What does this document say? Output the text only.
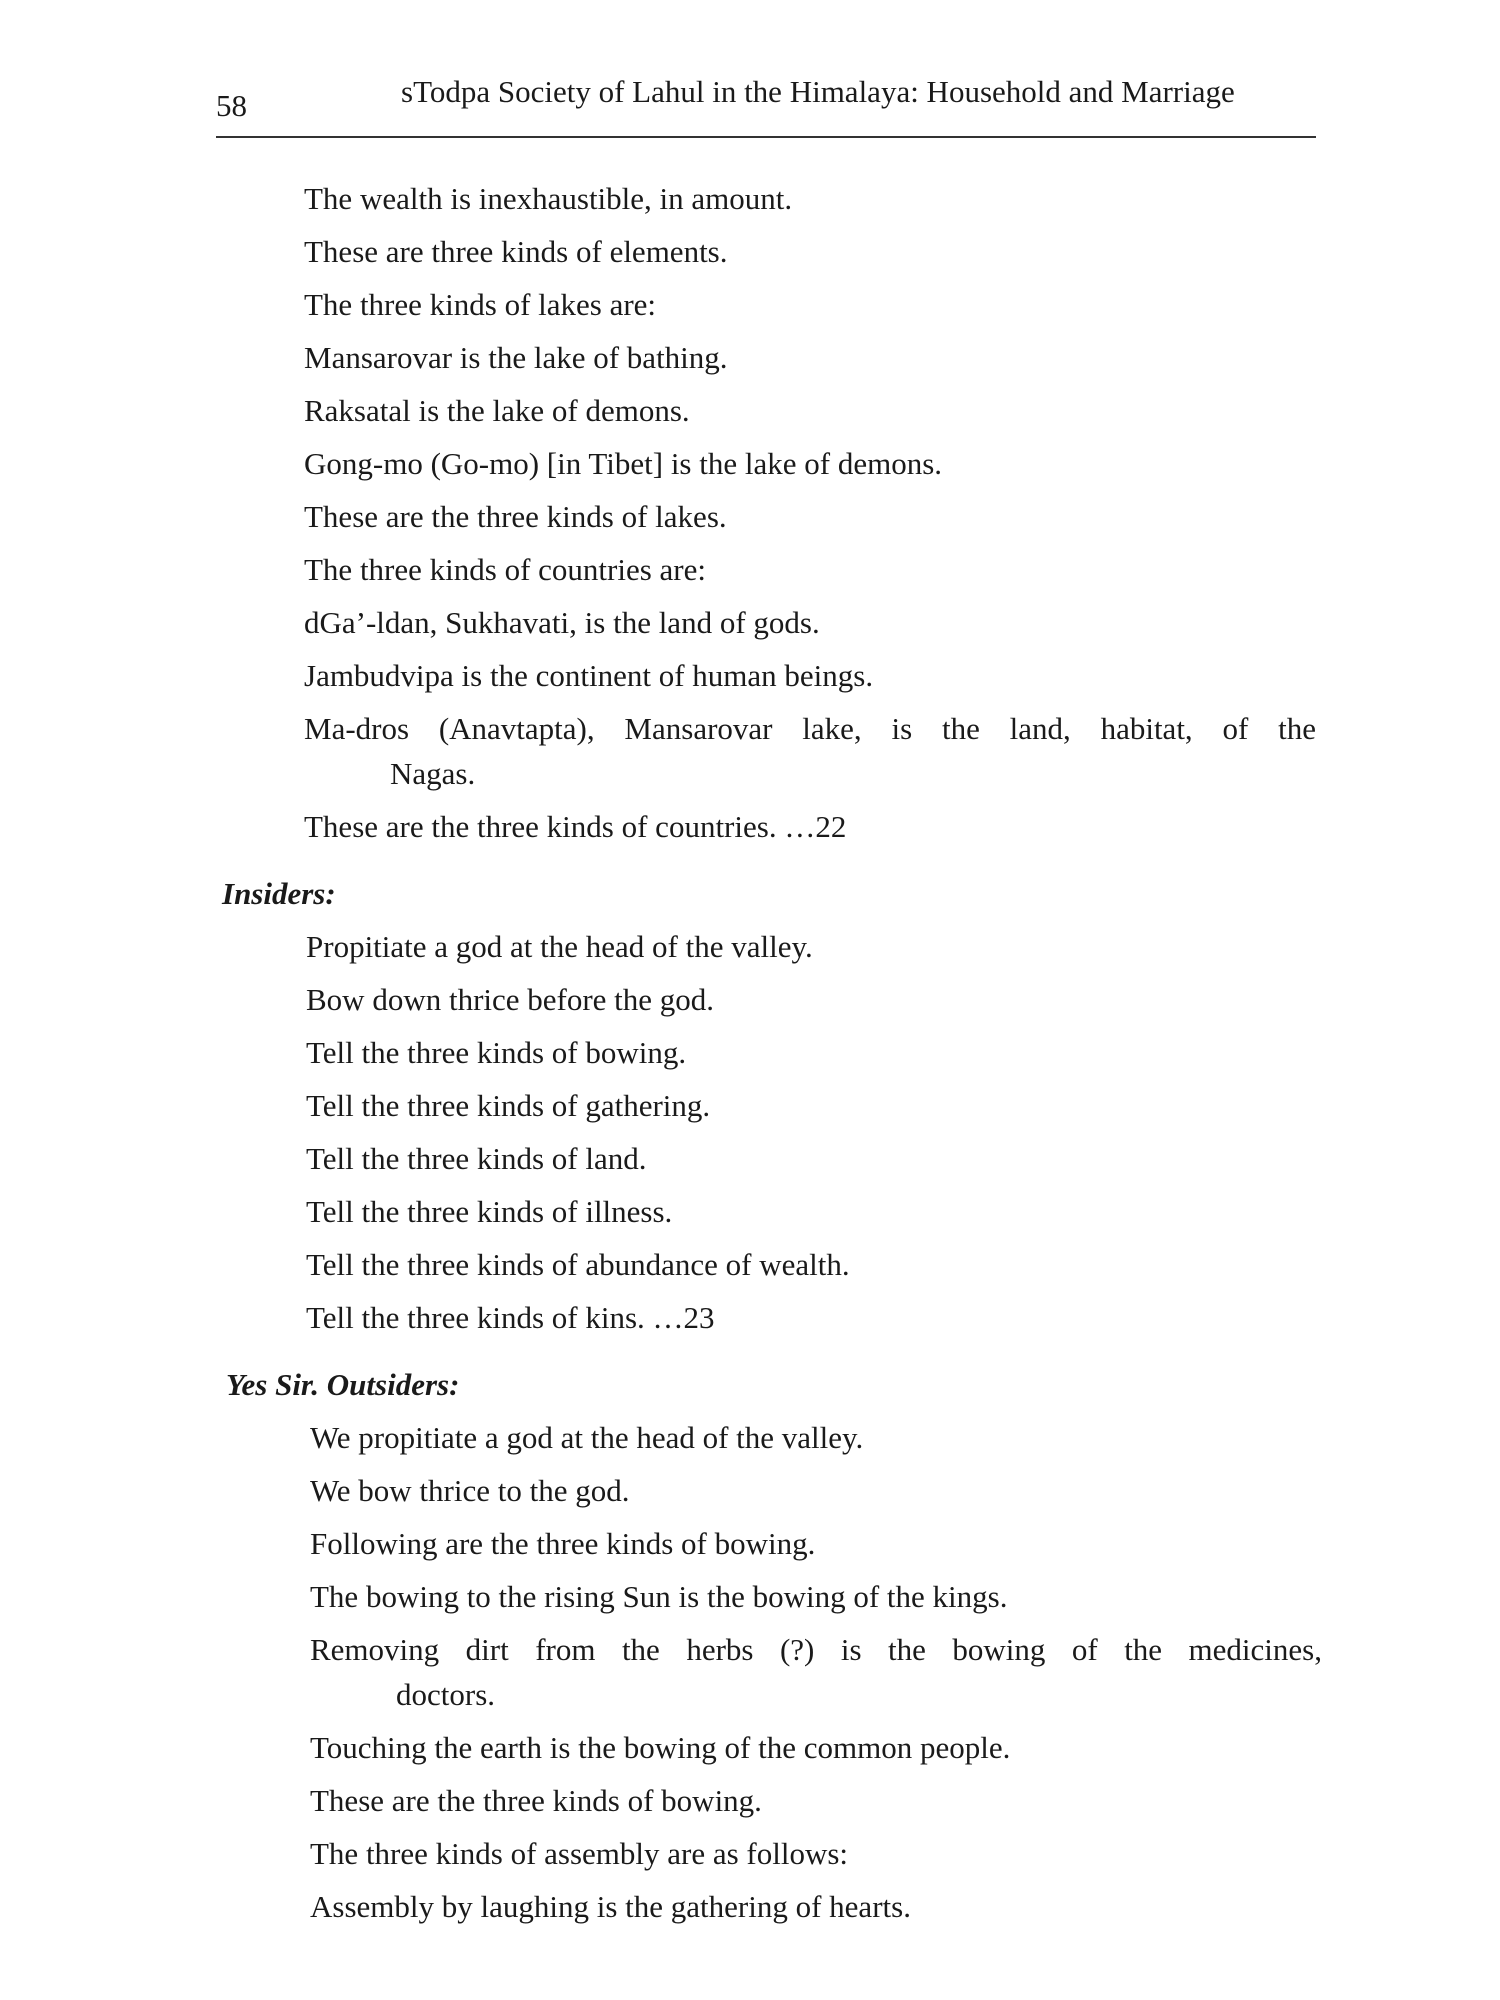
58	sTodpa Society of Lahul in the Himalaya: Household and Marriage
The wealth is inexhaustible, in amount.
These are three kinds of elements.
The three kinds of lakes are:
Mansarovar is the lake of bathing.
Raksatal is the lake of demons.
Gong-mo (Go-mo) [in Tibet] is the lake of demons.
These are the three kinds of lakes.
The three kinds of countries are:
dGa’-ldan, Sukhavati, is the land of gods.
Jambudvipa is the continent of human beings.
Ma-dros (Anavtapta), Mansarovar lake, is the land, habitat, of the
Nagas.
These are the three kinds of countries. …22
Insiders:
Propitiate a god at the head of the valley.
Bow down thrice before the god.
Tell the three kinds of bowing.
Tell the three kinds of gathering.
Tell the three kinds of land.
Tell the three kinds of illness.
Tell the three kinds of abundance of wealth.
Tell the three kinds of kins. …23
Yes Sir. Outsiders:
We propitiate a god at the head of the valley.
We bow thrice to the god.
Following are the three kinds of bowing.
The bowing to the rising Sun is the bowing of the kings.
Removing dirt from the herbs (?) is the bowing of the medicines,
doctors.
Touching the earth is the bowing of the common people.
These are the three kinds of bowing.
The three kinds of assembly are as follows:
Assembly by laughing is the gathering of hearts.
